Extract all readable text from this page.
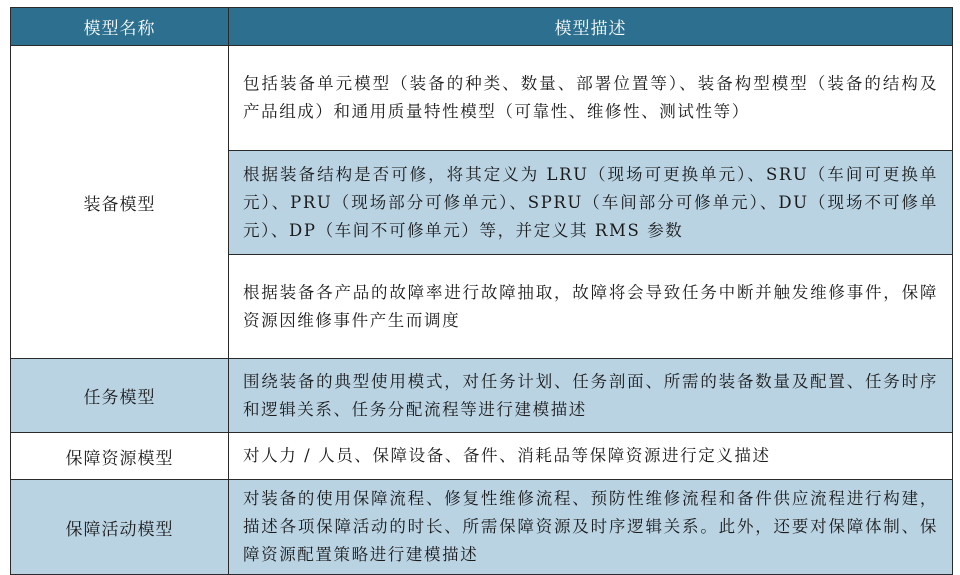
模型名称	模型描述
装备模型	包括装备单元模型（装备的种类、数量、部署位置等）、装备构型模型（装备的结构及产品组成）和通用质量特性模型（可靠性、维修性、测试性等）
	根据装备结构是否可修，将其定义为 LRU（现场可更换单元）、SRU（车间可更换单元）、PRU（现场部分可修单元）、SPRU（车间部分可修单元）、DU（现场不可修单元）、DP（车间不可修单元）等，并定义其 RMS 参数
	根据装备各产品的故障率进行故障抽取，故障将会导致任务中断并触发维修事件，保障资源因维修事件产生而调度
任务模型	围绕装备的典型使用模式，对任务计划、任务剖面、所需的装备数量及配置、任务时序和逻辑关系、任务分配流程等进行建模描述
保障资源模型	对人力 / 人员、保障设备、备件、消耗品等保障资源进行定义描述
保障活动模型	对装备的使用保障流程、修复性维修流程、预防性维修流程和备件供应流程进行构建，描述各项保障活动的时长、所需保障资源及时序逻辑关系。此外，还要对保障体制、保障资源配置策略进行建模描述
